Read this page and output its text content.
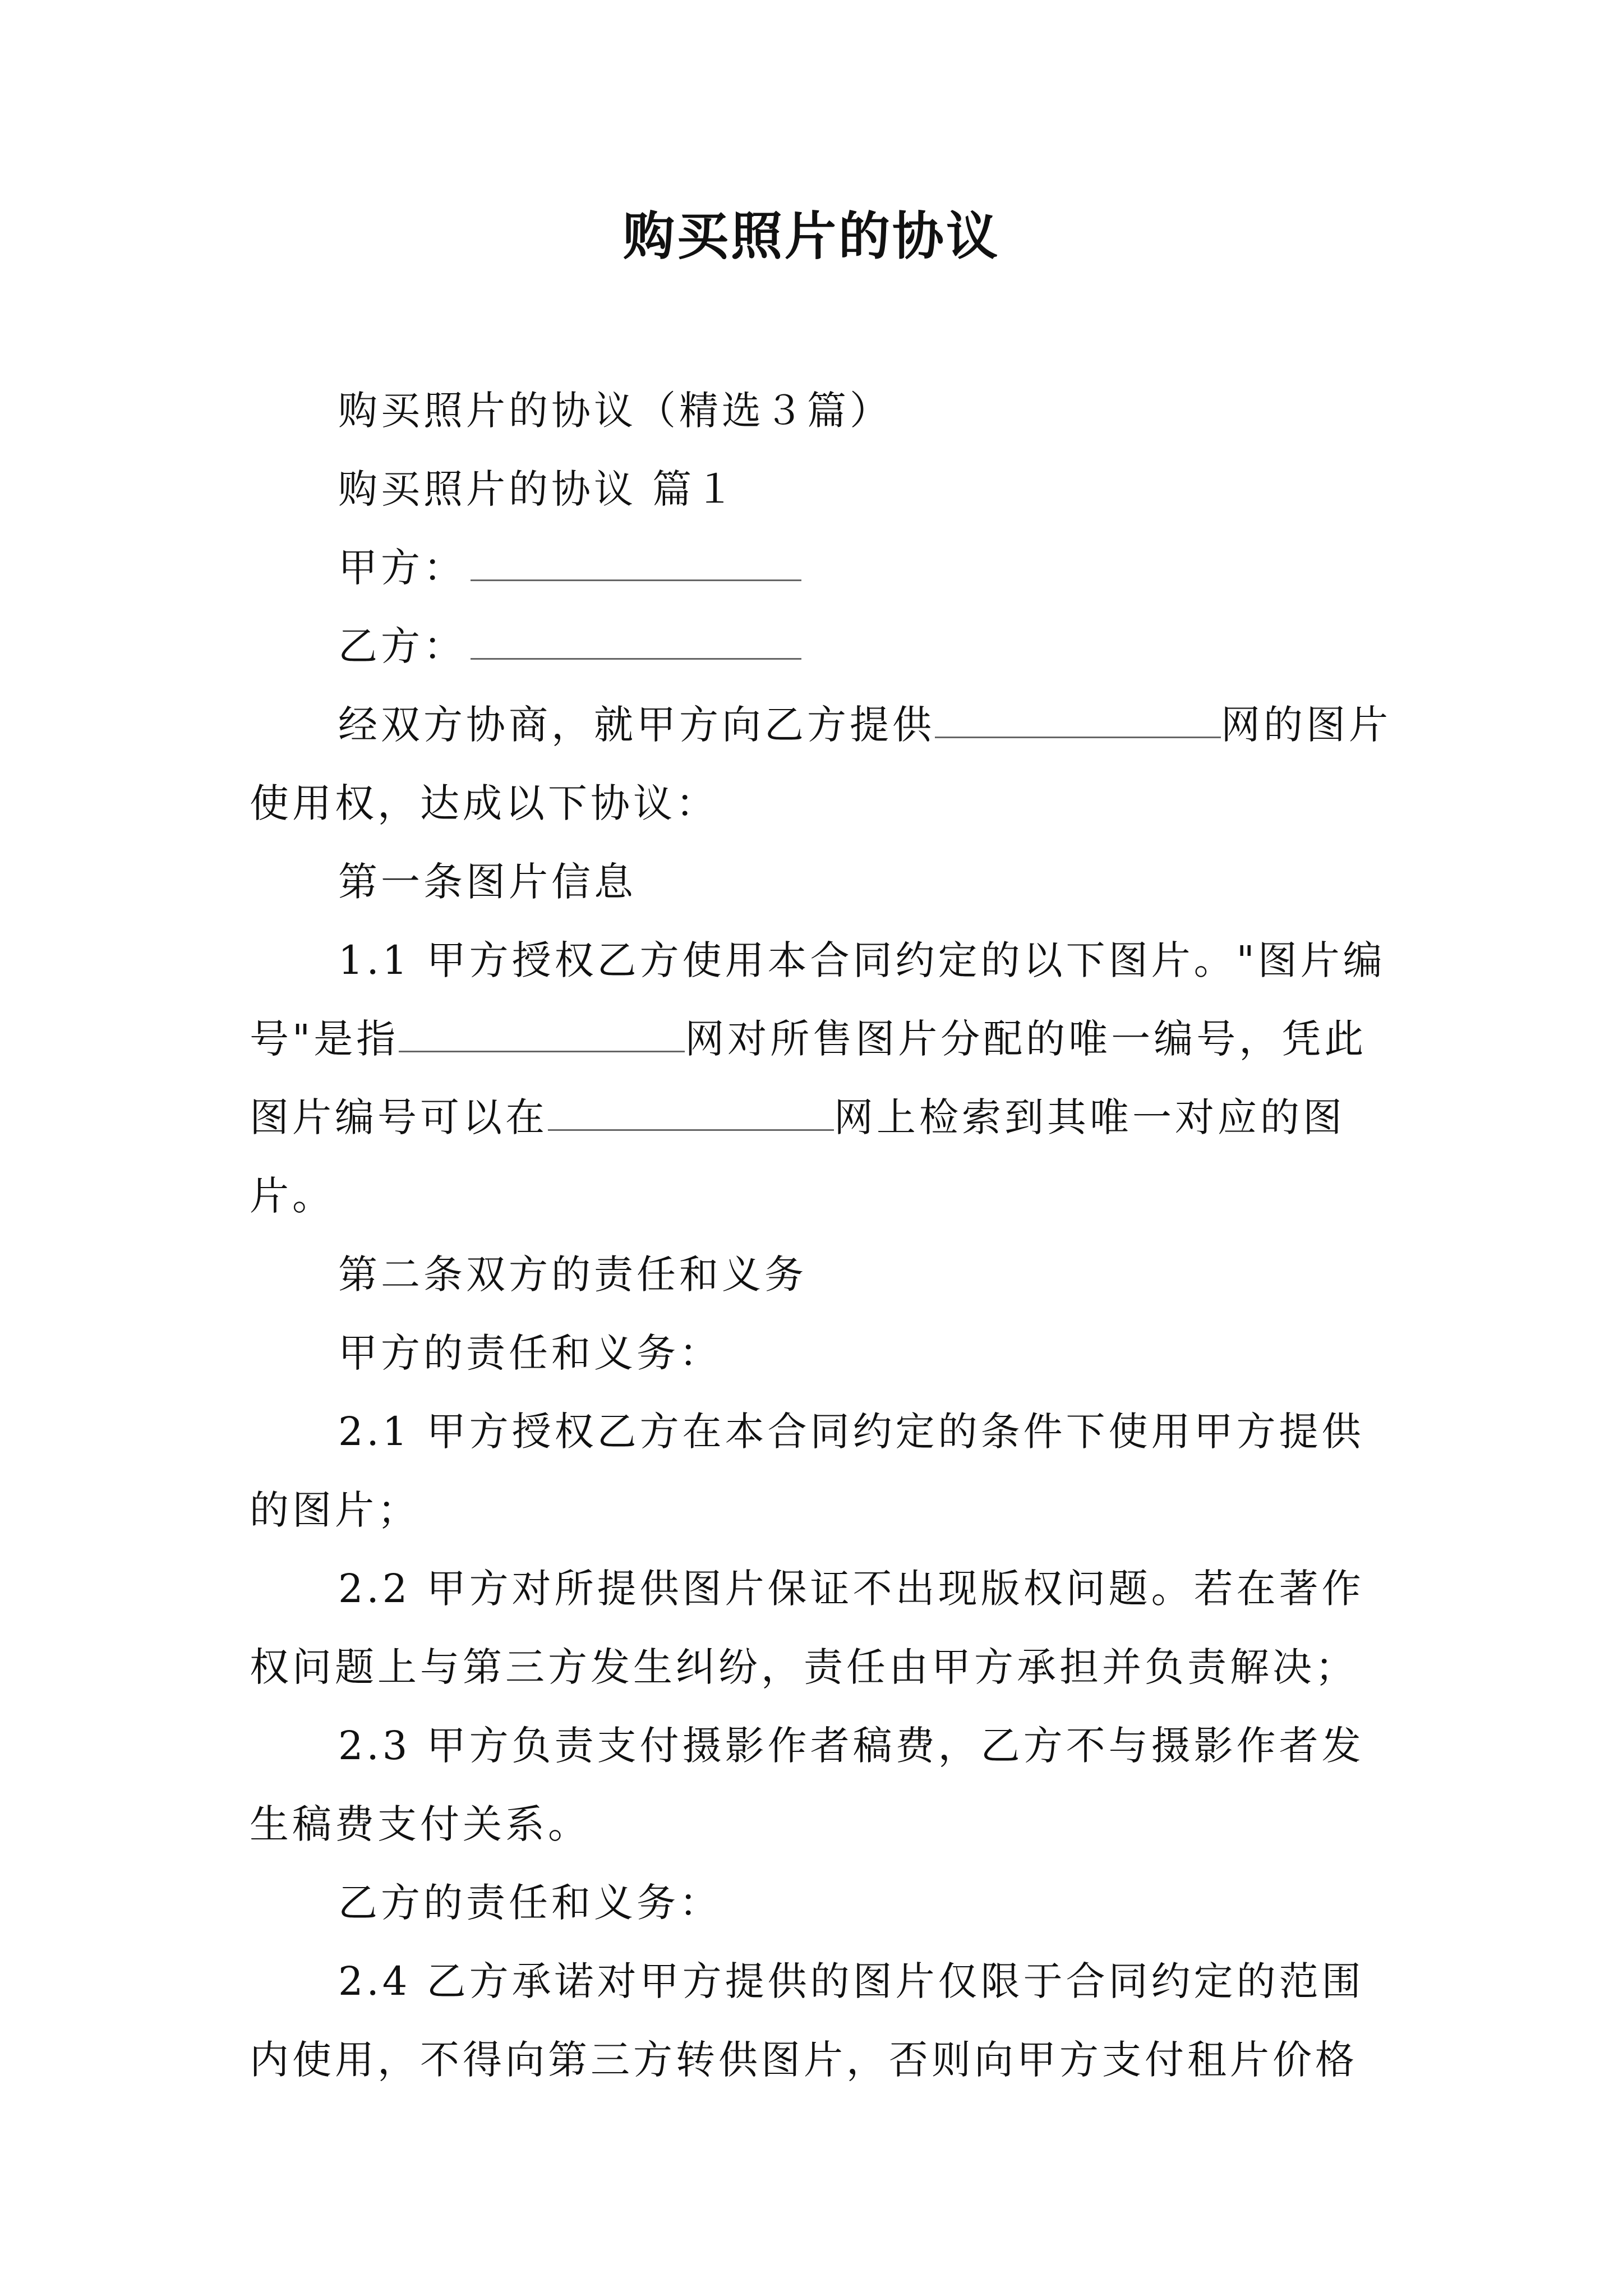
购买照片的协议

购买照片的协议（精选３篇）

购买照片的协议 篇１

甲方：

乙方：

经双方协商，就甲方向乙方提供	网的图片使用权，达成以下协议：

第一条图片信息

1.1 甲方授权乙方使用本合同约定的以下图片。"图片编号"是指	网对所售图片分配的唯一编号，凭此图片编号可以在	网上检索到其唯一对应的图片。

第二条双方的责任和义务

甲方的责任和义务：

2.1 甲方授权乙方在本合同约定的条件下使用甲方提供的图片；

2.2 甲方对所提供图片保证不出现版权问题。若在著作权问题上与第三方发生纠纷，责任由甲方承担并负责解决；

2.3 甲方负责支付摄影作者稿费，乙方不与摄影作者发生稿费支付关系。

乙方的责任和义务：

2.4 乙方承诺对甲方提供的图片仅限于合同约定的范围内使用，不得向第三方转供图片，否则向甲方支付租片价格
